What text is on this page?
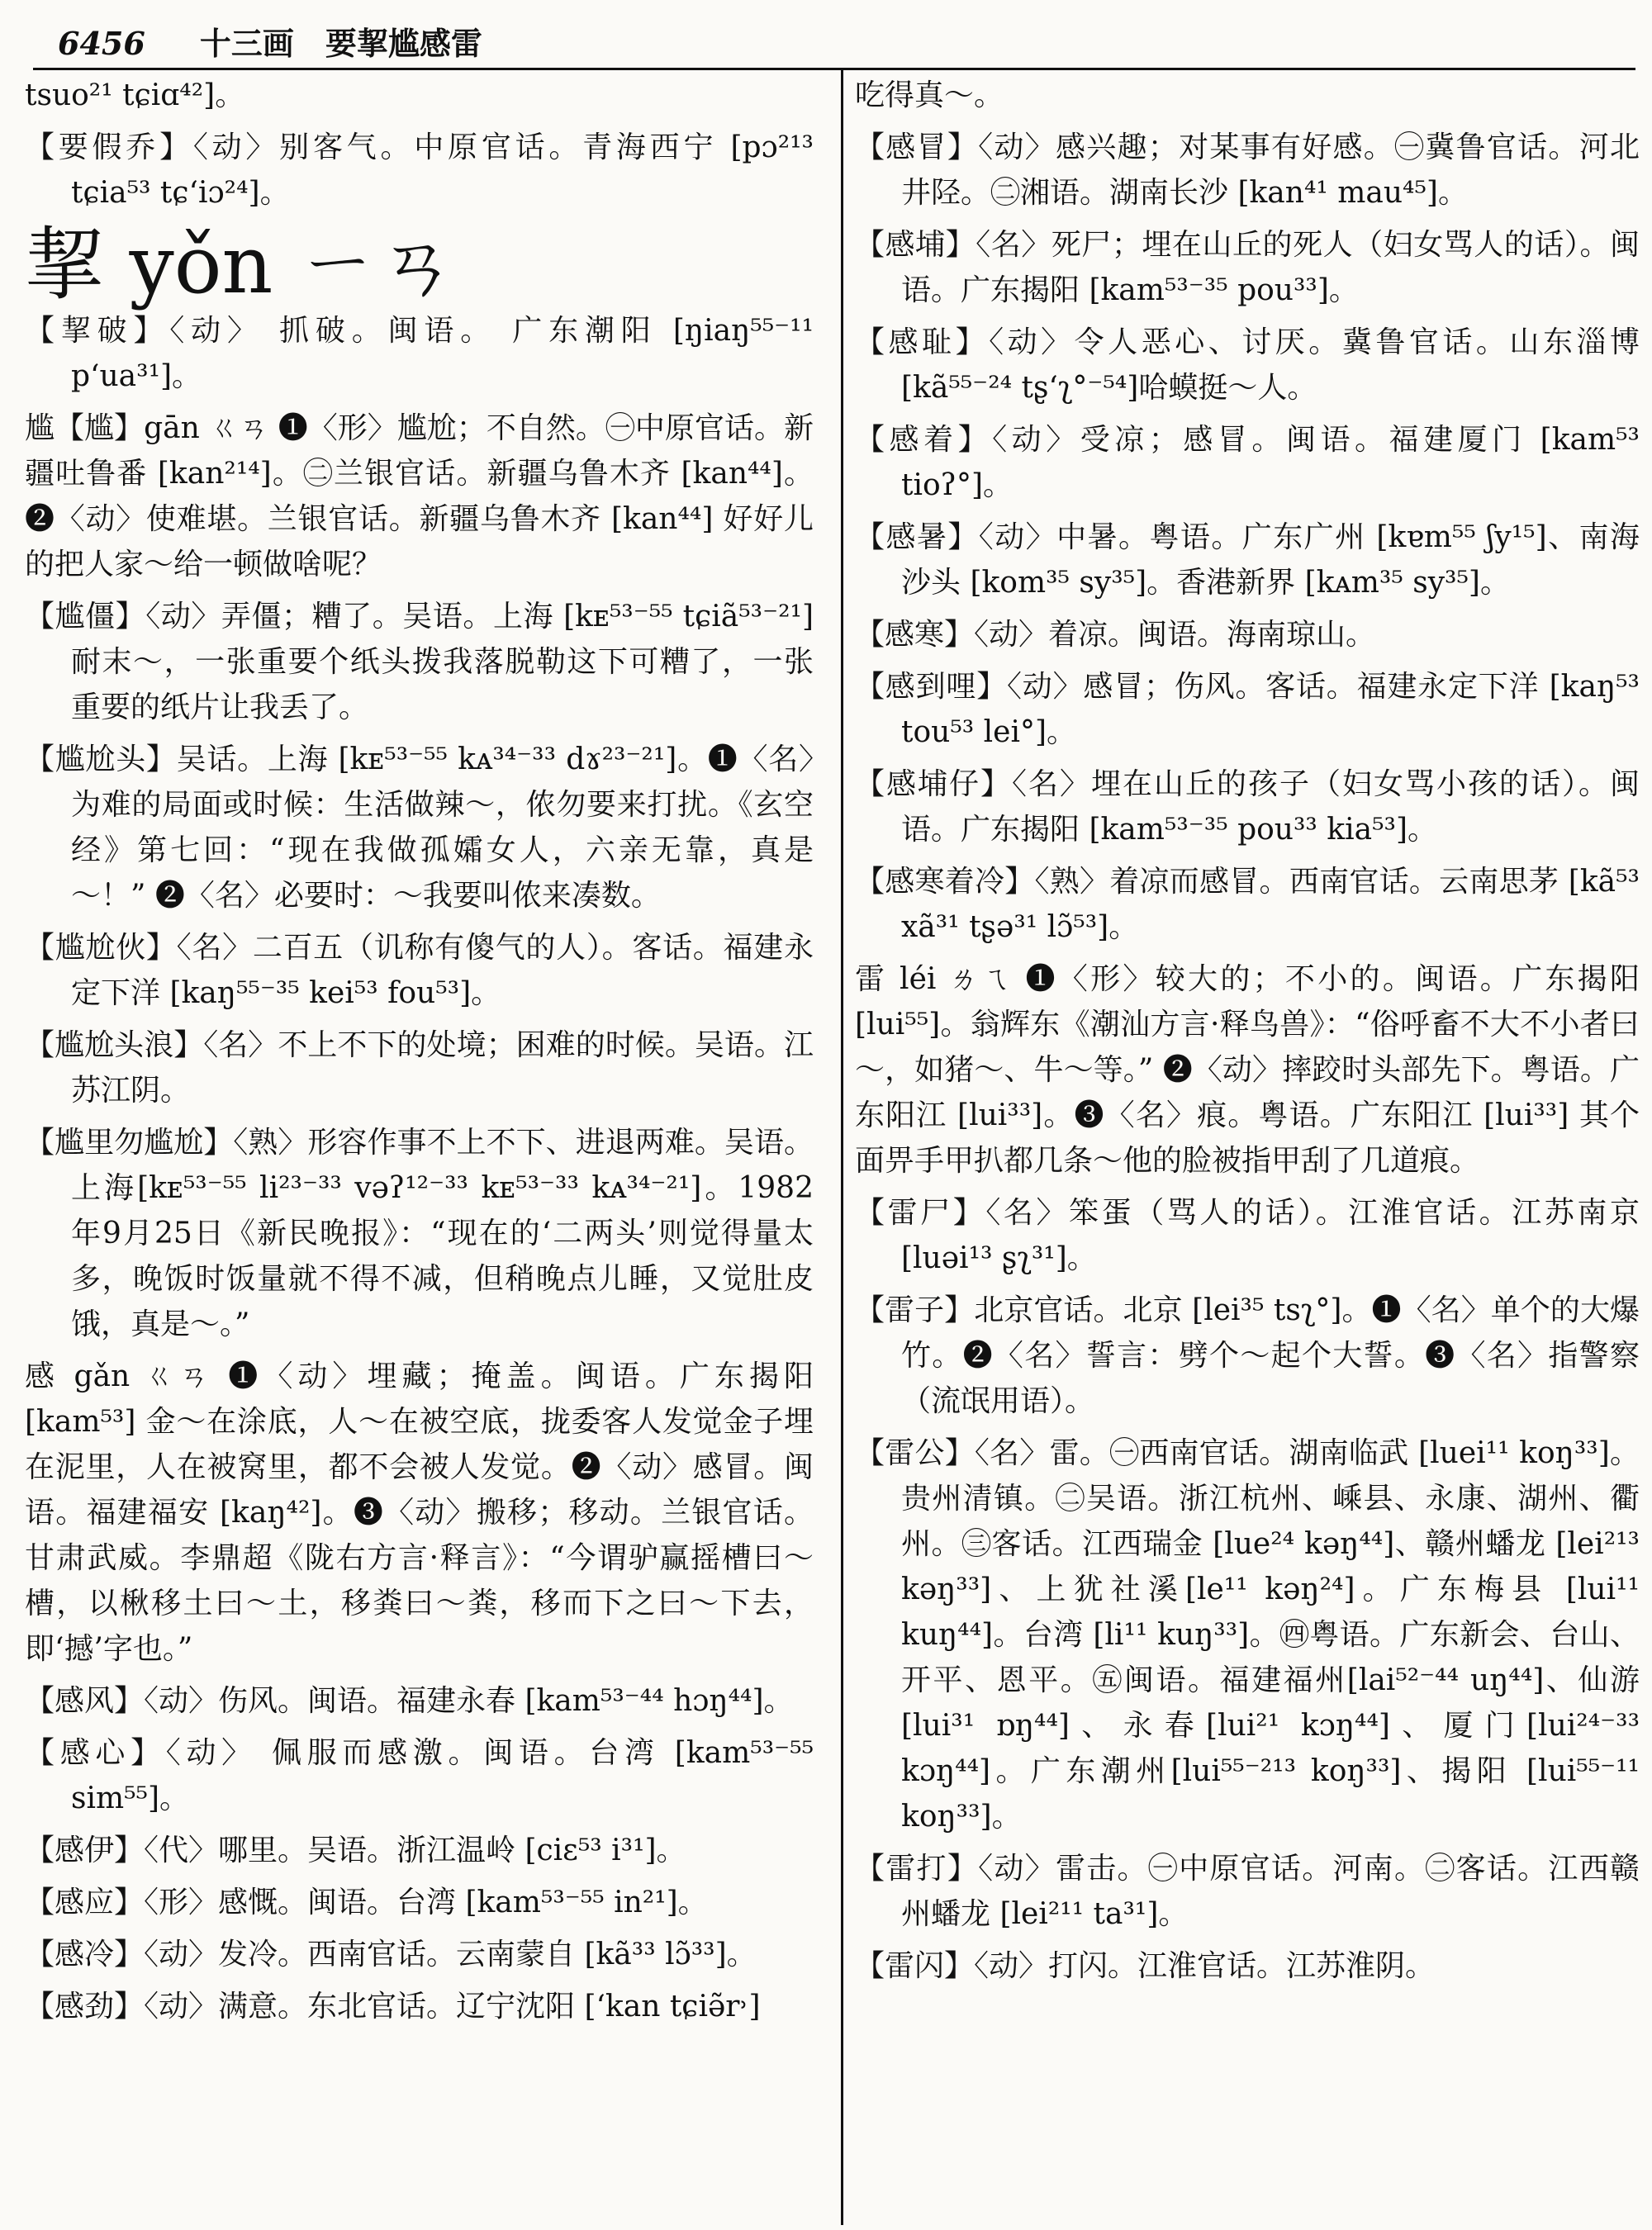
6456 十三画　要挈尴感雷

tsuo²¹ tɕiɑ⁴²]。

【要假乔】〈动〉别客气。中原官话。青海西宁 [pɔ²¹³ tɕia⁵³ tɕʻiɔ²⁴]。

挈 yǒn ㄧㄢ

【挈破】〈动〉 抓破。闽语。 广东潮阳 [ŋiaŋ⁵⁵⁻¹¹ pʻua³¹]。

尴【尴】gān ㄍㄢ ❶〈形〉尴尬；不自然。㊀中原官话。新疆吐鲁番 [kan²¹⁴]。㊁兰银官话。新疆乌鲁木齐 [kan⁴⁴]。❷〈动〉使难堪。兰银官话。新疆乌鲁木齐 [kan⁴⁴] 好好儿的把人家～给一顿做啥呢？

【尴僵】〈动〉弄僵；糟了。吴语。上海 [kᴇ⁵³⁻⁵⁵ tɕiã⁵³⁻²¹] 耐末～，一张重要个纸头拨我落脱勒这下可糟了，一张重要的纸片让我丢了。

【尴尬头】吴话。上海 [kᴇ⁵³⁻⁵⁵ kᴀ³⁴⁻³³ dɤ²³⁻²¹]。❶〈名〉为难的局面或时候：生活做辣～，侬勿要来打扰。《玄空经》第七回：“现在我做孤孀女人，六亲无靠，真是～！” ❷〈名〉必要时：～我要叫侬来凑数。

【尴尬伙】〈名〉二百五（讥称有傻气的人）。客话。福建永定下洋 [kaŋ⁵⁵⁻³⁵ kei⁵³ fou⁵³]。

【尴尬头浪】〈名〉不上不下的处境；困难的时候。吴语。江苏江阴。

【尴里勿尴尬】〈熟〉形容作事不上不下、进退两难。吴语。上海[kᴇ⁵³⁻⁵⁵ li²³⁻³³ vəʔ¹²⁻³³ kᴇ⁵³⁻³³ kᴀ³⁴⁻²¹]。1982年9月25日《新民晚报》：“现在的‘二两头’则觉得量太多，晚饭时饭量就不得不减，但稍晚点儿睡，又觉肚皮饿，真是～。”

感 gǎn ㄍㄢ ❶〈动〉埋藏；掩盖。闽语。广东揭阳 [kam⁵³] 金～在涂底，人～在被空底，拢委客人发觉金子埋在泥里，人在被窝里，都不会被人发觉。❷〈动〉感冒。闽语。福建福安 [kaŋ⁴²]。❸〈动〉搬移；移动。兰银官话。甘肃武威。李鼎超《陇右方言·释言》：“今谓驴赢摇槽曰～槽，以楸移土曰～土，移粪曰～粪，移而下之曰～下去，即‘撼’字也。”

【感风】〈动〉伤风。闽语。福建永春 [kam⁵³⁻⁴⁴ hɔŋ⁴⁴]。

【感心】〈动〉 佩服而感激。闽语。台湾 [kam⁵³⁻⁵⁵ sim⁵⁵]。

【感伊】〈代〉哪里。吴语。浙江温岭 [ciɛ⁵³ i³¹]。

【感应】〈形〉感慨。闽语。台湾 [kam⁵³⁻⁵⁵ in²¹]。

【感冷】〈动〉发冷。西南官话。云南蒙自 [kã³³ lɔ̃³³]。

【感劲】〈动〉满意。东北官话。辽宁沈阳 [ʻkan tɕiə̃r˒]

吃得真～。

【感冒】〈动〉感兴趣；对某事有好感。㊀冀鲁官话。河北井陉。㊁湘语。湖南长沙 [kan⁴¹ mau⁴⁵]。

【感埔】〈名〉死尸；埋在山丘的死人（妇女骂人的话）。闽语。广东揭阳 [kam⁵³⁻³⁵ pou³³]。

【感耻】〈动〉令人恶心、讨厌。冀鲁官话。山东淄博 [kã⁵⁵⁻²⁴ tʂʻʅ°⁻⁵⁴]哈蟆挺～人。

【感着】〈动〉受凉；感冒。闽语。福建厦门 [kam⁵³ tioʔ°]。

【感暑】〈动〉中暑。粤语。广东广州 [kɐm⁵⁵ ʃy¹⁵]、南海沙头 [kom³⁵ sy³⁵]。香港新界 [kᴀm³⁵ sy³⁵]。

【感寒】〈动〉着凉。闽语。海南琼山。

【感到哩】〈动〉感冒；伤风。客话。福建永定下洋 [kaŋ⁵³ tou⁵³ lei°]。

【感埔仔】〈名〉埋在山丘的孩子（妇女骂小孩的话）。闽语。广东揭阳 [kam⁵³⁻³⁵ pou³³ kia⁵³]。

【感寒着冷】〈熟〉着凉而感冒。西南官话。云南思茅 [kã⁵³ xã³¹ tʂə³¹ lɔ̃⁵³]。

雷 léi ㄌㄟ ❶〈形〉较大的；不小的。闽语。广东揭阳 [lui⁵⁵]。翁辉东《潮汕方言·释鸟兽》：“俗呼畜不大不小者曰～，如猪～、牛～等。” ❷〈动〉摔跤时头部先下。粤语。广东阳江 [lui³³]。❸〈名〉痕。粤语。广东阳江 [lui³³] 其个面畀手甲扒都几条～他的脸被指甲刮了几道痕。

【雷尸】〈名〉笨蛋（骂人的话）。江淮官话。江苏南京 [luəi¹³ ʂʅ³¹]。

【雷子】北京官话。北京 [lei³⁵ tsʅ°]。❶〈名〉单个的大爆竹。❷〈名〉誓言：劈个～起个大誓。❸〈名〉指警察（流氓用语）。

【雷公】〈名〉雷。㊀西南官话。湖南临武 [luei¹¹ koŋ³³]。贵州清镇。㊁吴语。浙江杭州、嵊县、永康、湖州、衢州。㊂客话。江西瑞金 [lue²⁴ kəŋ⁴⁴]、赣州蟠龙 [lei²¹³ kəŋ³³]、上犹社溪[le¹¹ kəŋ²⁴]。广东梅县 [lui¹¹ kuŋ⁴⁴]。台湾 [li¹¹ kuŋ³³]。㊃粤语。广东新会、台山、开平、恩平。㊄闽语。福建福州[lai⁵²⁻⁴⁴ uŋ⁴⁴]、仙游[lui³¹ ɒŋ⁴⁴]、永春[lui²¹ kɔŋ⁴⁴]、厦门[lui²⁴⁻³³ kɔŋ⁴⁴]。广东潮州[lui⁵⁵⁻²¹³ koŋ³³]、揭阳 [lui⁵⁵⁻¹¹ koŋ³³]。

【雷打】〈动〉雷击。㊀中原官话。河南。㊁客话。江西赣州蟠龙 [lei²¹¹ ta³¹]。

【雷闪】〈动〉打闪。江淮官话。江苏淮阴。
